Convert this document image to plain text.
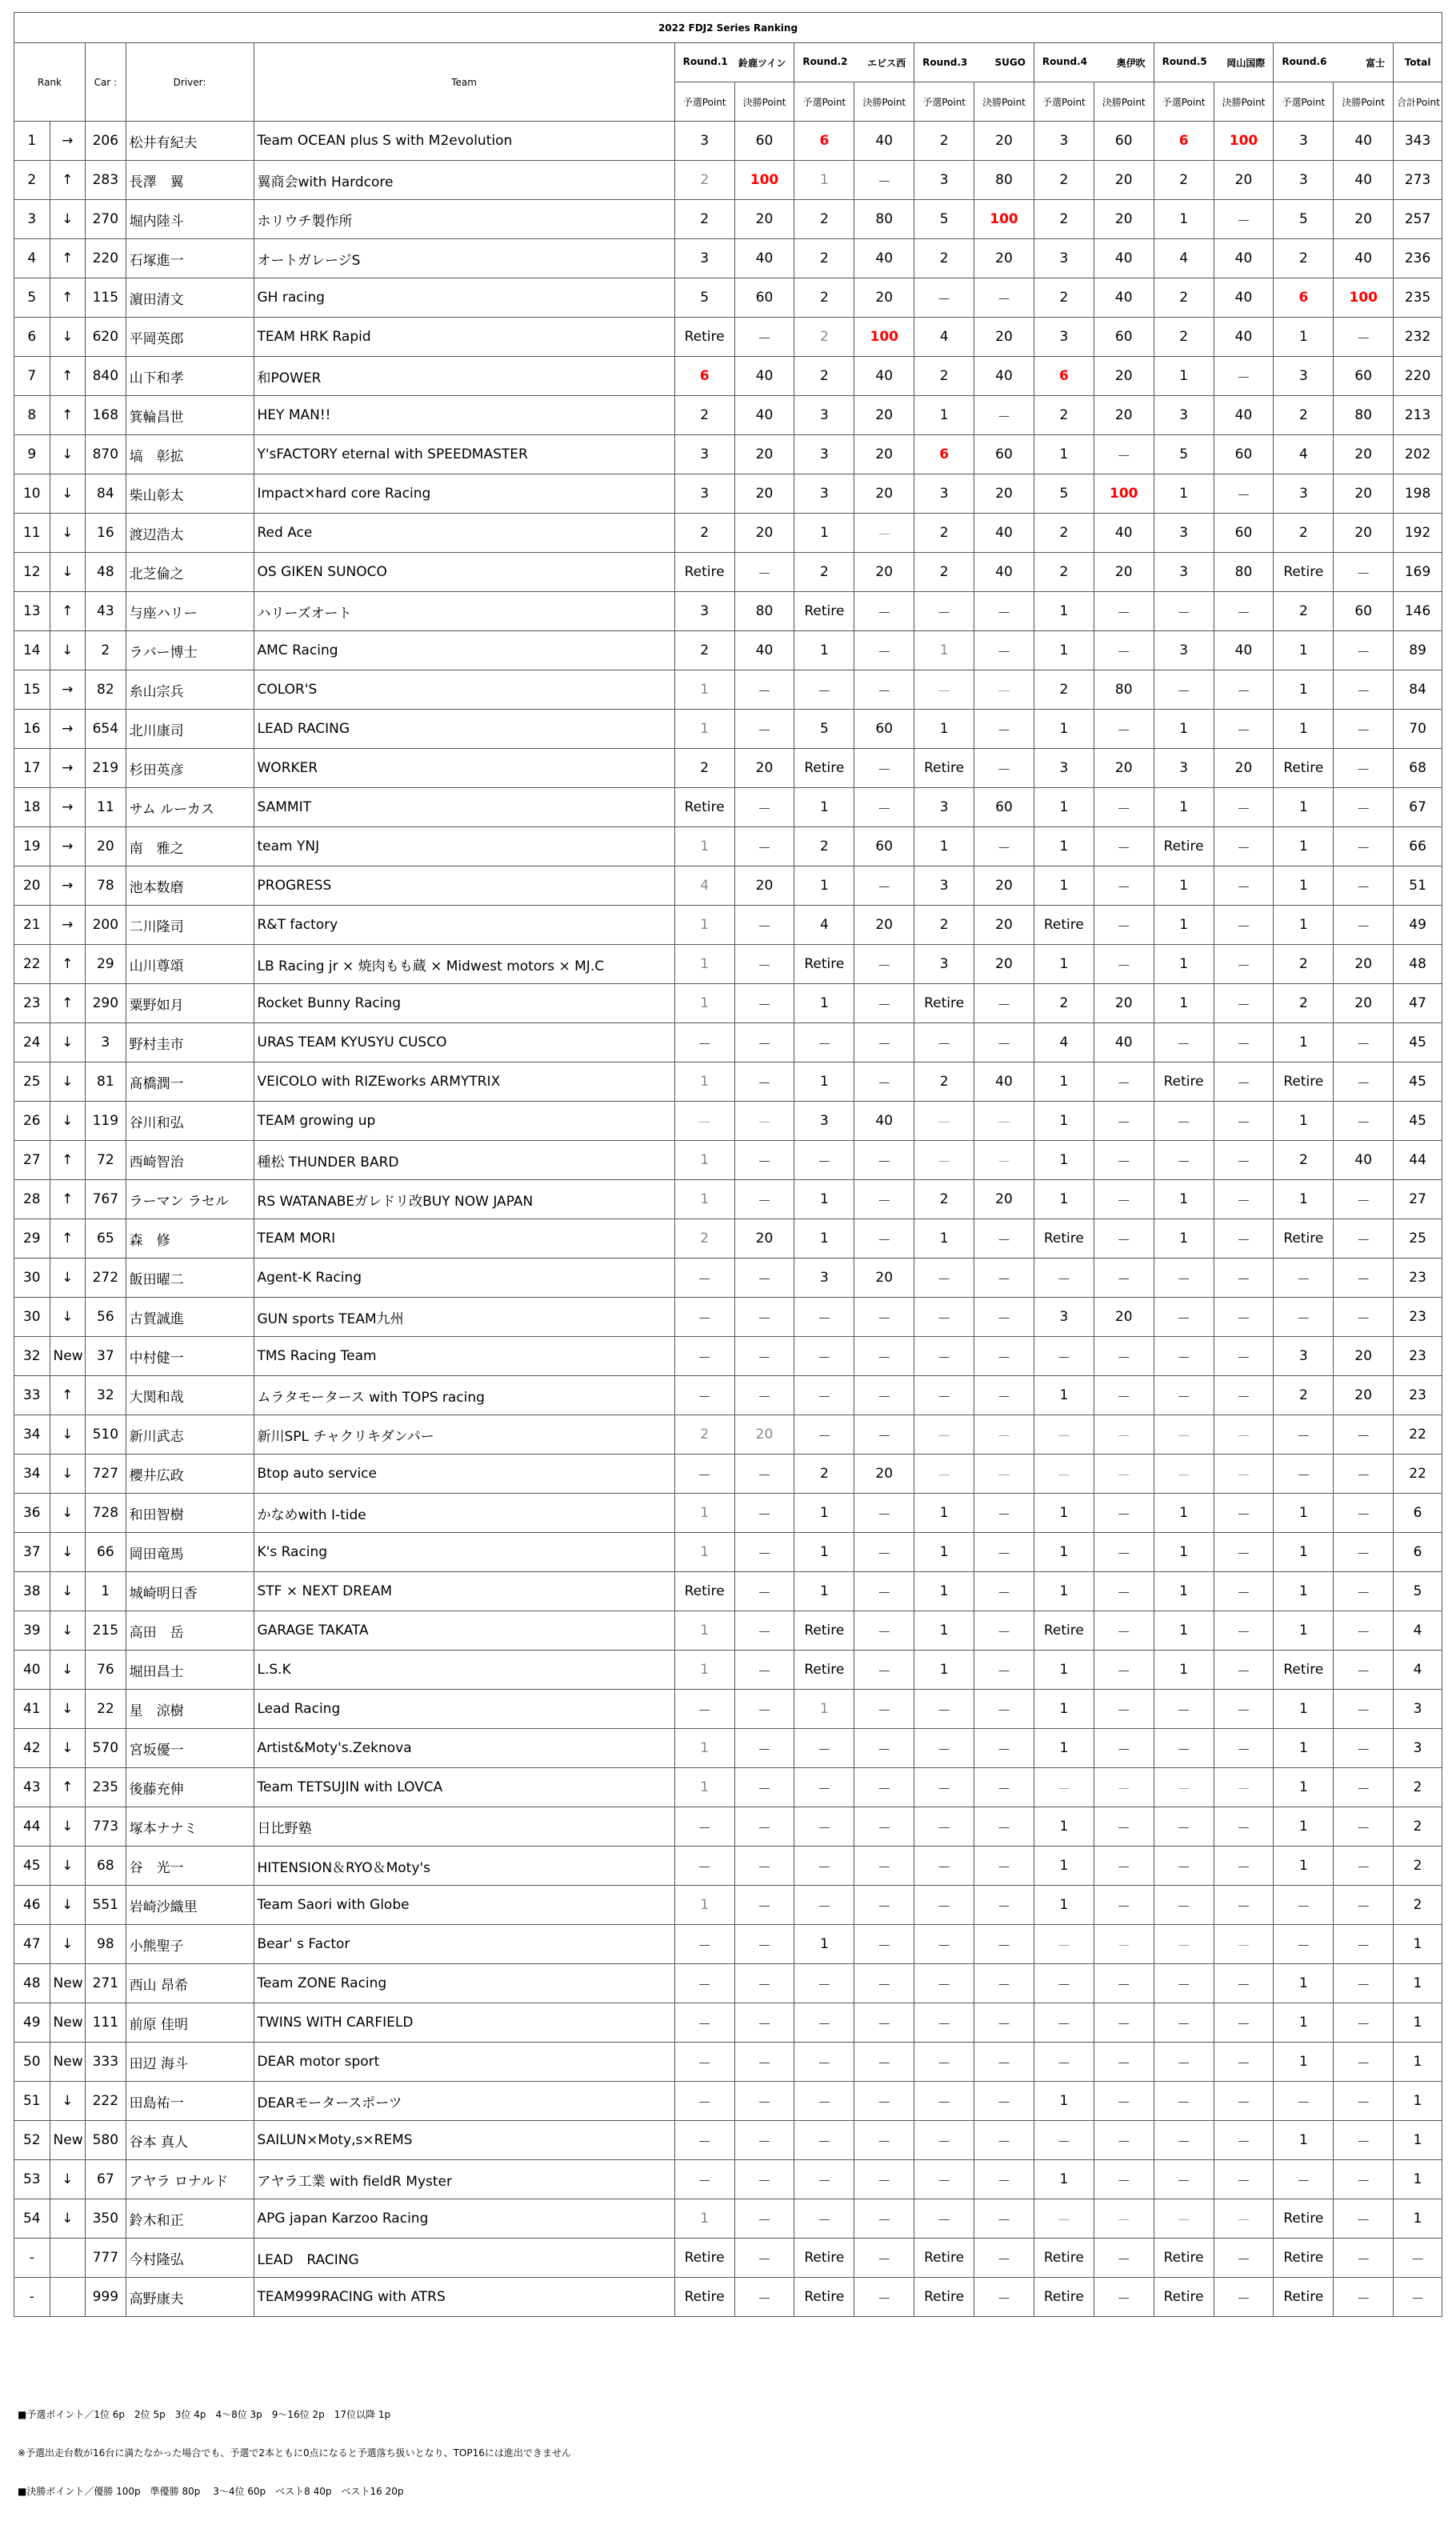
2022 FDJ2 Series Ranking																	
Rank		Car :	Driver:	Team	Round.1 鈴鹿ツイン		Round.2 エビス西		Round.3 SUGO		Round.4 奥伊吹		Round.5 岡山国際		Round.6 富士		Total
					予選Point	決勝Point	予選Point	決勝Point	予選Point	決勝Point	予選Point	決勝Point	予選Point	決勝Point	予選Point	決勝Point	合計Point
1	→	206	松井有紀夫	Team OCEAN plus S with M2evolution	3	60	6	40	2	20	3	60	6	100	3	40	343
2	↑	283	長澤　翼	翼商会with Hardcore	2	100	1	－	3	80	2	20	2	20	3	40	273
3	↓	270	堀内陸斗	ホリウチ製作所	2	20	2	80	5	100	2	20	1	－	5	20	257
4	↑	220	石塚進一	オートガレージS	3	40	2	40	2	20	3	40	4	40	2	40	236
5	↑	115	濵田清文	GH racing	5	60	2	20	－	－	2	40	2	40	6	100	235
6	↓	620	平岡英郎	TEAM HRK Rapid	Retire	－	2	100	4	20	3	60	2	40	1	－	232
7	↑	840	山下和孝	和POWER	6	40	2	40	2	40	6	20	1	－	3	60	220
8	↑	168	箕輪昌世	HEY MAN!!	2	40	3	20	1	－	2	20	3	40	2	80	213
9	↓	870	塙　彰拡	Y'sFACTORY eternal with SPEEDMASTER	3	20	3	20	6	60	1	－	5	60	4	20	202
10	↓	84	柴山彰太	Impact×hard core Racing	3	20	3	20	3	20	5	100	1	－	3	20	198
11	↓	16	渡辺浩太	Red Ace	2	20	1	－	2	40	2	40	3	60	2	20	192
12	↓	48	北芝倫之	OS GIKEN SUNOCO	Retire	－	2	20	2	40	2	20	3	80	Retire	－	169
13	↑	43	与座ハリー	ハリーズオート	3	80	Retire	－	－	－	1	－	－	－	2	60	146
14	↓	2	ラバー博士	AMC Racing	2	40	1	－	1	－	1	－	3	40	1	－	89
15	→	82	糸山宗兵	COLOR'S	1	－	－	－	－	－	2	80	－	－	1	－	84
16	→	654	北川康司	LEAD RACING	1	－	5	60	1	－	1	－	1	－	1	－	70
17	→	219	杉田英彦	WORKER	2	20	Retire	－	Retire	－	3	20	3	20	Retire	－	68
18	→	11	サム ルーカス	SAMMIT	Retire	－	1	－	3	60	1	－	1	－	1	－	67
19	→	20	南　雅之	team YNJ	1	－	2	60	1	－	1	－	Retire	－	1	－	66
20	→	78	池本数磨	PROGRESS	4	20	1	－	3	20	1	－	1	－	1	－	51
21	→	200	二川隆司	R&T factory	1	－	4	20	2	20	Retire	－	1	－	1	－	49
22	↑	29	山川尊頌	LB Racing jr × 焼肉もも蔵 × Midwest motors × MJ.C	1	－	Retire	－	3	20	1	－	1	－	2	20	48
23	↑	290	粟野如月	Rocket Bunny Racing	1	－	1	－	Retire	－	2	20	1	－	2	20	47
24	↓	3	野村圭市	URAS TEAM KYUSYU CUSCO	－	－	－	－	－	－	4	40	－	－	1	－	45
25	↓	81	髙橋潤一	VEICOLO with RIZEworks ARMYTRIX	1	－	1	－	2	40	1	－	Retire	－	Retire	－	45
26	↓	119	谷川和弘	TEAM growing up	－	－	3	40	－	－	1	－	－	－	1	－	45
27	↑	72	西崎智治	種松 THUNDER BARD	1	－	－	－	－	－	1	－	－	－	2	40	44
28	↑	767	ラーマン ラセル	RS WATANABEガレドリ改BUY NOW JAPAN	1	－	1	－	2	20	1	－	1	－	1	－	27
29	↑	65	森　修	TEAM MORI	2	20	1	－	1	－	Retire	－	1	－	Retire	－	25
30	↓	272	飯田曜二	Agent-K Racing	－	－	3	20	－	－	－	－	－	－	－	－	23
30	↓	56	古賀誠進	GUN sports TEAM九州	－	－	－	－	－	－	3	20	－	－	－	－	23
32	New	37	中村健一	TMS Racing Team	－	－	－	－	－	－	－	－	－	－	3	20	23
33	↑	32	大関和哉	ムラタモータース with TOPS racing	－	－	－	－	－	－	1	－	－	－	2	20	23
34	↓	510	新川武志	新川SPL チャクリキダンパー	2	20	－	－	－	－	－	－	－	－	－	－	22
34	↓	727	櫻井広政	Btop auto service	－	－	2	20	－	－	－	－	－	－	－	－	22
36	↓	728	和田智樹	かなめwith I-tide	1	－	1	－	1	－	1	－	1	－	1	－	6
37	↓	66	岡田竜馬	K's Racing	1	－	1	－	1	－	1	－	1	－	1	－	6
38	↓	1	城崎明日香	STF × NEXT DREAM	Retire	－	1	－	1	－	1	－	1	－	1	－	5
39	↓	215	高田　岳	GARAGE TAKATA	1	－	Retire	－	1	－	Retire	－	1	－	1	－	4
40	↓	76	堀田昌士	L.S.K	1	－	Retire	－	1	－	1	－	1	－	Retire	－	4
41	↓	22	星　涼樹	Lead Racing	－	－	1	－	－	－	1	－	－	－	1	－	3
42	↓	570	宮坂優一	Artist&Moty's.Zeknova	1	－	－	－	－	－	1	－	－	－	1	－	3
43	↑	235	後藤充伸	Team TETSUJIN with LOVCA	1	－	－	－	－	－	－	－	－	－	1	－	2
44	↓	773	塚本ナナミ	日比野塾	－	－	－	－	－	－	1	－	－	－	1	－	2
45	↓	68	谷　光一	HITENSION＆RYO＆Moty's	－	－	－	－	－	－	1	－	－	－	1	－	2
46	↓	551	岩崎沙織里	Team Saori with Globe	1	－	－	－	－	－	1	－	－	－	－	－	2
47	↓	98	小熊聖子	Bear' s Factor	－	－	1	－	－	－	－	－	－	－	－	－	1
48	New	271	西山 昂希	Team ZONE Racing	－	－	－	－	－	－	－	－	－	－	1	－	1
49	New	111	前原 佳明	TWINS WITH CARFIELD	－	－	－	－	－	－	－	－	－	－	1	－	1
50	New	333	田辺 海斗	DEAR motor sport	－	－	－	－	－	－	－	－	－	－	1	－	1
51	↓	222	田島祐一	DEARモータースポーツ	－	－	－	－	－	－	1	－	－	－	－	－	1
52	New	580	谷本 真人	SAILUN×Moty,s×REMS	－	－	－	－	－	－	－	－	－	－	1	－	1
53	↓	67	アヤラ ロナルド	アヤラ工業 with fieldR Myster	－	－	－	－	－	－	1	－	－	－	－	－	1
54	↓	350	鈴木和正	APG japan Karzoo Racing	1	－	－	－	－	－	－	－	－	－	Retire	－	1
-		777	今村隆弘	LEAD　RACING	Retire	－	Retire	－	Retire	－	Retire	－	Retire	－	Retire	－	－
-		999	高野康夫	TEAM999RACING with ATRS	Retire	－	Retire	－	Retire	－	Retire	－	Retire	－	Retire	－	－
■予選ポイント／1位 6p　2位 5p　3位 4p　4～8位 3p　9～16位 2p　17位以降 1p
※予選出走台数が16台に満たなかった場合でも、予選で2本ともに0点になると予選落ち扱いとなり、TOP16には進出できません
■決勝ポイント／優勝 100p　準優勝 80p　 3～4位 60p　ベスト8 40p　ベスト16 20p
